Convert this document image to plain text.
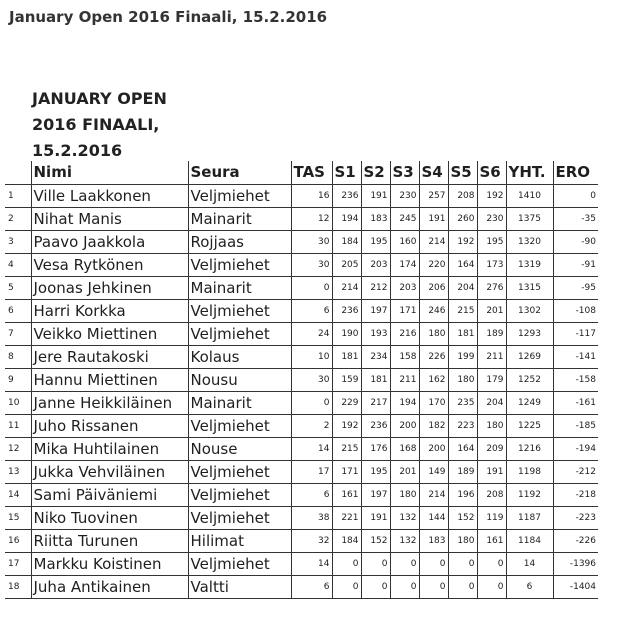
January Open 2016 Finaali, 15.2.2016
JANUARY OPEN
2016 FINAALI,
15.2.2016
	Nimi	Seura	TAS	S1	S2	S3	S4	S5	S6	YHT.	ERO
1	Ville Laakkonen	Veljmiehet	16	236	191	230	257	208	192	1410	0
2	Nihat Manis	Mainarit	12	194	183	245	191	260	230	1375	-35
3	Paavo Jaakkola	Rojjaas	30	184	195	160	214	192	195	1320	-90
4	Vesa Rytkönen	Veljmiehet	30	205	203	174	220	164	173	1319	-91
5	Joonas Jehkinen	Mainarit	0	214	212	203	206	204	276	1315	-95
6	Harri Korkka	Veljmiehet	6	236	197	171	246	215	201	1302	-108
7	Veikko Miettinen	Veljmiehet	24	190	193	216	180	181	189	1293	-117
8	Jere Rautakoski	Kolaus	10	181	234	158	226	199	211	1269	-141
9	Hannu Miettinen	Nousu	30	159	181	211	162	180	179	1252	-158
10	Janne Heikkiläinen	Mainarit	0	229	217	194	170	235	204	1249	-161
11	Juho Rissanen	Veljmiehet	2	192	236	200	182	223	180	1225	-185
12	Mika Huhtilainen	Nouse	14	215	176	168	200	164	209	1216	-194
13	Jukka Vehviläinen	Veljmiehet	17	171	195	201	149	189	191	1198	-212
14	Sami Päiväniemi	Veljmiehet	6	161	197	180	214	196	208	1192	-218
15	Niko Tuovinen	Veljmiehet	38	221	191	132	144	152	119	1187	-223
16	Riitta Turunen	Hilimat	32	184	152	132	183	180	161	1184	-226
17	Markku Koistinen	Veljmiehet	14	0	0	0	0	0	0	14	-1396
18	Juha Antikainen	Valtti	6	0	0	0	0	0	0	6	-1404
